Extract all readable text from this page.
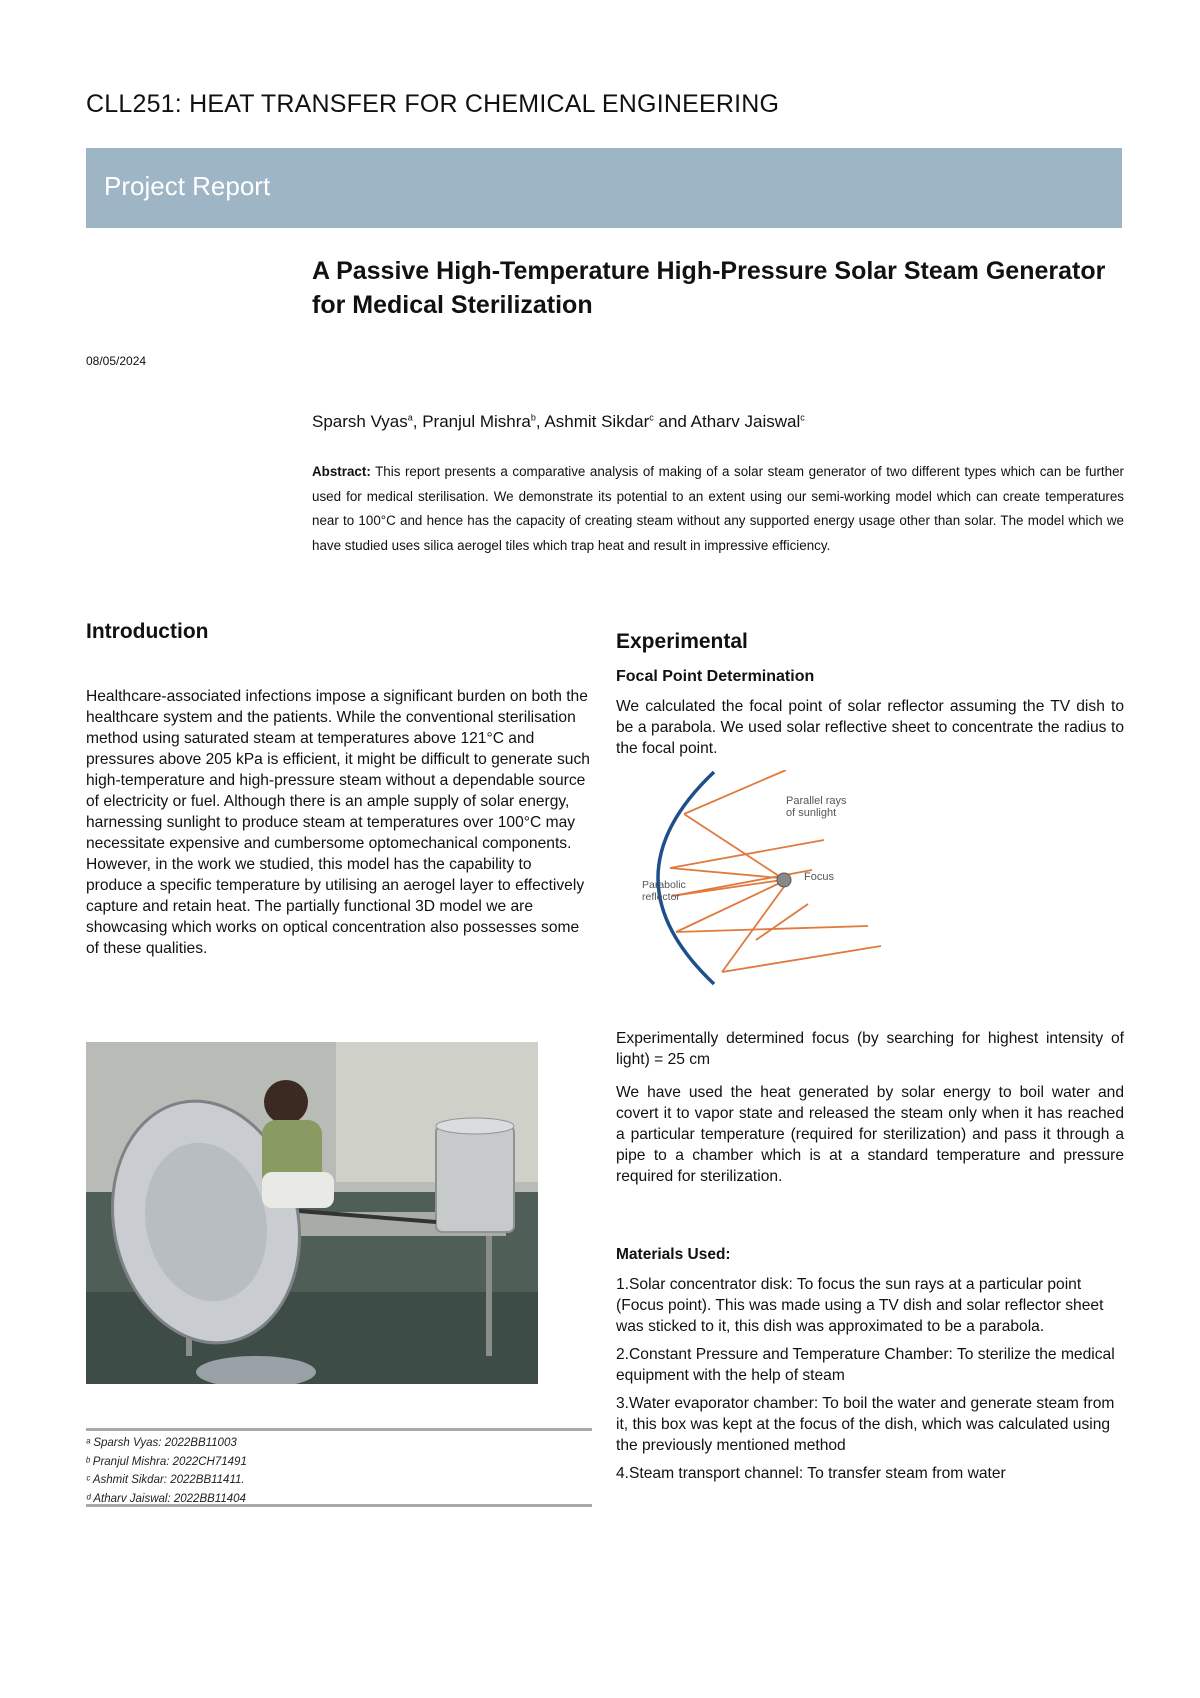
CLL251: HEAT TRANSFER FOR CHEMICAL ENGINEERING
Project Report
A Passive High-Temperature High-Pressure Solar Steam Generator for Medical Sterilization
08/05/2024
Sparsh Vyas$^a$, Pranjul Mishra$^b$, Ashmit Sikdar$^c$ and Atharv Jaiswal$^c$
Abstract: This report presents a comparative analysis of making of a solar steam generator of two different types which can be further used for medical sterilisation. We demonstrate its potential to an extent using our semi-working model which can create temperatures near to 100°C and hence has the capacity of creating steam without any supported energy usage other than solar. The model which we have studied uses silica aerogel tiles which trap heat and result in impressive efficiency.
Introduction

Healthcare-associated infections impose a significant burden on both the healthcare system and the patients. While the conventional sterilisation method using saturated steam at temperatures above 121°C and pressures above 205 kPa is efficient, it might be difficult to generate such high-temperature and high-pressure steam without a dependable source of electricity or fuel. Although there is an ample supply of solar energy, harnessing sunlight to produce steam at temperatures over 100°C may necessitate expensive and cumbersome optomechanical components. However, in the work we studied, this model has the capability to produce a specific temperature by utilising an aerogel layer to effectively capture and retain heat. The partially functional 3D model we are showcasing which works on optical concentration also possesses some of these qualities.

ᵃ Sparsh Vyas: 2022BB11003
ᵇ Pranjul Mishra: 2022CH71491
ᶜ Ashmit Sikdar: 2022BB11411.
ᵈ Atharv Jaiswal: 2022BB11404
Experimental
Focal Point Determination

We calculated the focal point of solar reflector assuming the TV dish to be a parabola. We used solar reflective sheet to concentrate the radius to the focal point.

Parallel rays
of sunlight
Focus
Parabolic
reflector

Experimentally determined focus (by searching for highest intensity of light) = 25 cm

We have used the heat generated by solar energy to boil water and covert it to vapor state and released the steam only when it has reached a particular temperature (required for sterilization) and pass it through a pipe to a chamber which is at a standard temperature and pressure required for sterilization.

Materials Used:
1.Solar concentrator disk: To focus the sun rays at a particular point (Focus point). This was made using a TV dish and solar reflector sheet was sticked to it, this dish was approximated to be a parabola.
2.Constant Pressure and Temperature Chamber: To sterilize the medical equipment with the help of steam
3.Water evaporator chamber: To boil the water and generate steam from it, this box was kept at the focus of the dish, which was calculated using the previously mentioned method
4.Steam transport channel: To transfer steam from water
